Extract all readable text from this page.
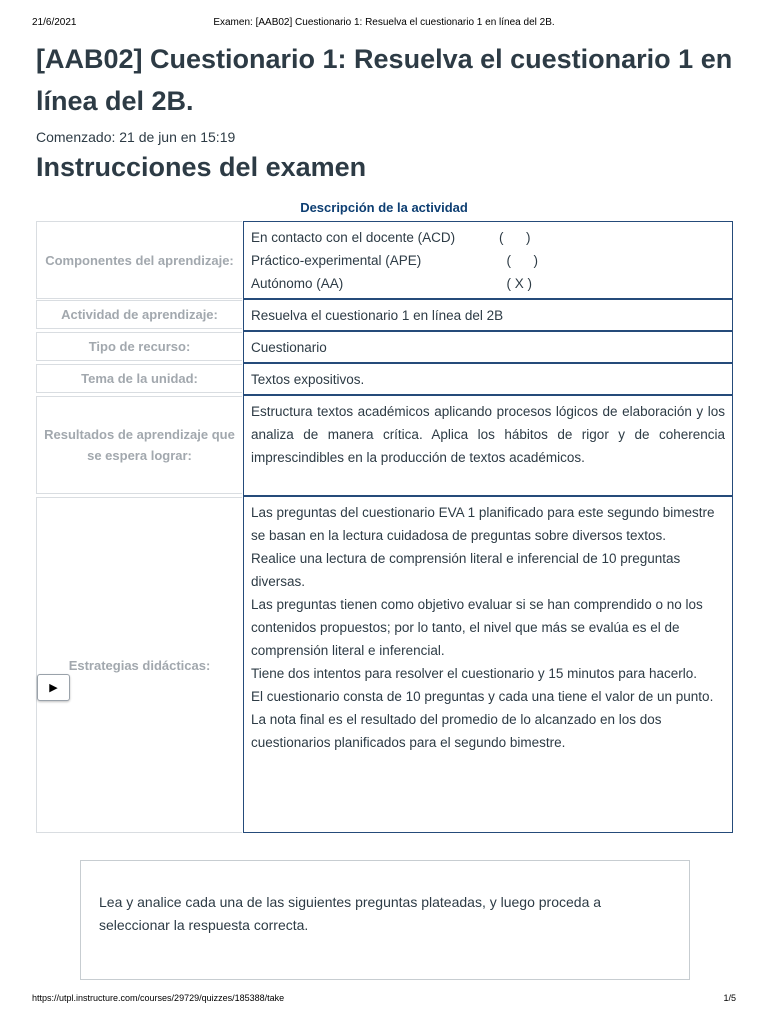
21/6/2021	Examen: [AAB02] Cuestionario 1: Resuelva el cuestionario 1 en línea del 2B.
[AAB02] Cuestionario 1: Resuelva el cuestionario 1 en línea del 2B.
Comenzado: 21 de jun en 15:19
Instrucciones del examen
Descripción de la actividad
Componentes del aprendizaje:
En contacto con el docente (ACD)	(      )
Práctico-experimental (APE)	(      )
Autónomo (AA)	( X )
Actividad de aprendizaje:	Resuelva el cuestionario 1 en línea del 2B
Tipo de recurso:	Cuestionario
Tema de la unidad:	Textos expositivos.
Resultados de aprendizaje que se espera lograr:
Estructura textos académicos aplicando procesos lógicos de elaboración y los analiza de manera crítica. Aplica los hábitos de rigor y de coherencia imprescindibles en la producción de textos académicos.
Estrategias didácticas:
Las preguntas del cuestionario EVA 1 planificado para este segundo bimestre se basan en la lectura cuidadosa de preguntas sobre diversos textos.
Realice una lectura de comprensión literal e inferencial de 10 preguntas diversas.
Las preguntas tienen como objetivo evaluar si se han comprendido o no los contenidos propuestos; por lo tanto, el nivel que más se evalúa es el de comprensión literal e inferencial.
Tiene dos intentos para resolver el cuestionario y 15 minutos para hacerlo.
El cuestionario consta de 10 preguntas y cada una tiene el valor de un punto.
La nota final es el resultado del promedio de lo alcanzado en los dos cuestionarios planificados para el segundo bimestre.
▶
Lea y analice cada una de las siguientes preguntas plateadas, y luego proceda a seleccionar la respuesta correcta.
https://utpl.instructure.com/courses/29729/quizzes/185388/take	1/5
